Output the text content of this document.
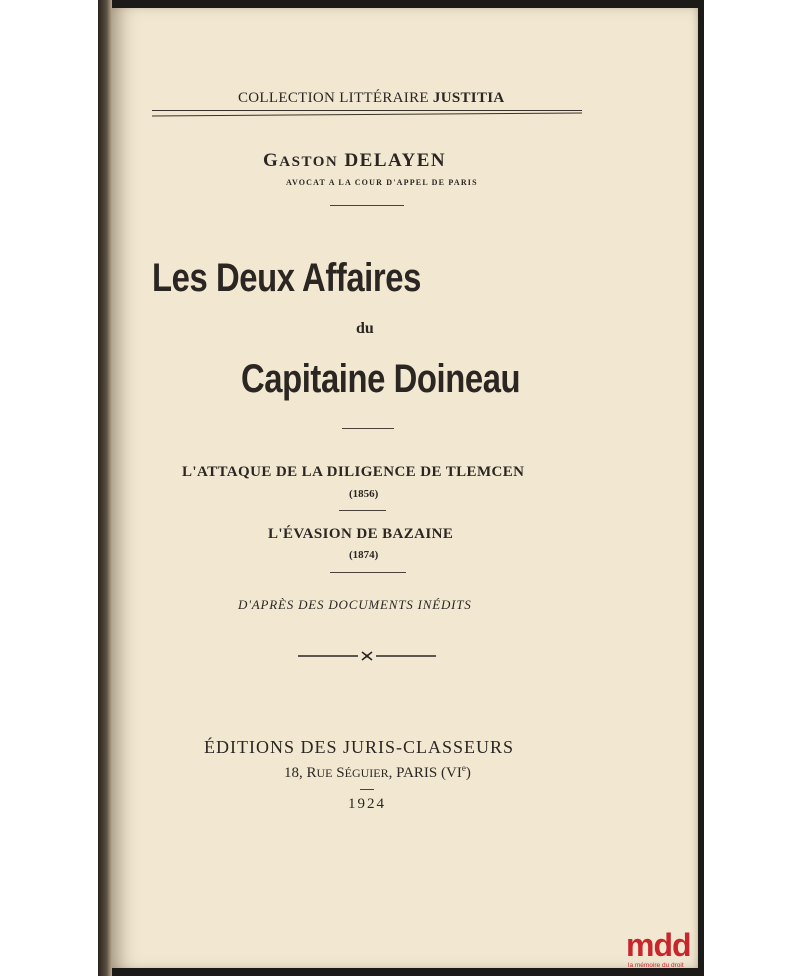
COLLECTION LITTÉRAIRE JUSTITIA
GASTON DELAYEN
AVOCAT A LA COUR D'APPEL DE PARIS
Les Deux Affaires
du
Capitaine Doineau
L'ATTAQUE DE LA DILIGENCE DE TLEMCEN
(1856)
L'ÉVASION DE BAZAINE
(1874)
D'APRÈS DES DOCUMENTS INÉDITS
ÉDITIONS DES JURIS-CLASSEURS
18, RUE SÉGUIER, PARIS (VIe)
1924
mdd
la mémoire du droit
